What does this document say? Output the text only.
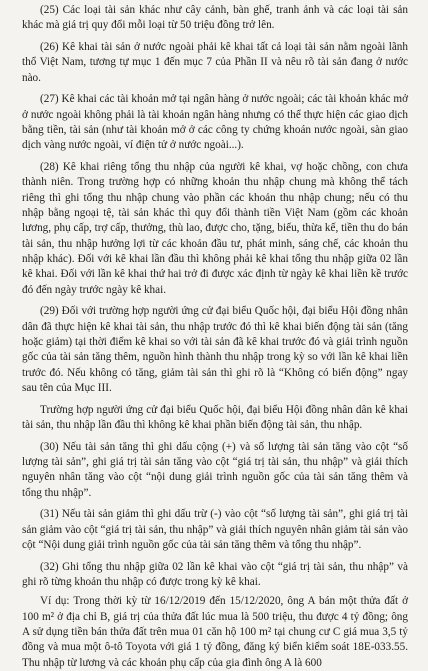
(25) Các loại tài sản khác như cây cảnh, bàn ghế, tranh ảnh và các loại tài sản khác mà giá trị quy đổi mỗi loại từ 50 triệu đồng trở lên.

(26) Kê khai tài sản ở nước ngoài phải kê khai tất cả loại tài sản nằm ngoài lãnh thổ Việt Nam, tương tự mục 1 đến mục 7 của Phần II và nêu rõ tài sản đang ở nước nào.

(27) Kê khai các tài khoản mở tại ngân hàng ở nước ngoài; các tài khoản khác mở ở nước ngoài không phải là tài khoản ngân hàng nhưng có thể thực hiện các giao dịch bằng tiền, tài sản (như tài khoản mở ở các công ty chứng khoán nước ngoài, sàn giao dịch vàng nước ngoài, ví điện tử ở nước ngoài...).

(28) Kê khai riêng tổng thu nhập của người kê khai, vợ hoặc chồng, con chưa thành niên. Trong trường hợp có những khoản thu nhập chung mà không thể tách riêng thì ghi tổng thu nhập chung vào phần các khoản thu nhập chung; nếu có thu nhập bằng ngoại tệ, tài sản khác thì quy đổi thành tiền Việt Nam (gồm các khoản lương, phụ cấp, trợ cấp, thưởng, thù lao, được cho, tặng, biếu, thừa kế, tiền thu do bán tài sản, thu nhập hưởng lợi từ các khoản đầu tư, phát minh, sáng chế, các khoản thu nhập khác). Đối với kê khai lần đầu thì không phải kê khai tổng thu nhập giữa 02 lần kê khai. Đối với lần kê khai thứ hai trở đi được xác định từ ngày kê khai liền kề trước đó đến ngày trước ngày kê khai.

(29) Đối với trường hợp người ứng cử đại biểu Quốc hội, đại biểu Hội đồng nhân dân đã thực hiện kê khai tài sản, thu nhập trước đó thì kê khai biến động tài sản (tăng hoặc giảm) tại thời điểm kê khai so với tài sản đã kê khai trước đó và giải trình nguồn gốc của tài sản tăng thêm, nguồn hình thành thu nhập trong kỳ so với lần kê khai liền trước đó. Nếu không có tăng, giảm tài sản thì ghi rõ là “Không có biến động” ngay sau tên của Mục III.

Trường hợp người ứng cử đại biểu Quốc hội, đại biểu Hội đồng nhân dân kê khai tài sản, thu nhập lần đầu thì không kê khai phần biến động tài sản, thu nhập.

(30) Nếu tài sản tăng thì ghi dấu cộng (+) và số lượng tài sản tăng vào cột “số lượng tài sản”, ghi giá trị tài sản tăng vào cột “giá trị tài sản, thu nhập” và giải thích nguyên nhân tăng vào cột “nội dung giải trình nguồn gốc của tài sản tăng thêm và tổng thu nhập”.

(31) Nếu tài sản giảm thì ghi dấu trừ (-) vào cột “số lượng tài sản”, ghi giá trị tài sản giảm vào cột “giá trị tài sản, thu nhập” và giải thích nguyên nhân giảm tài sản vào cột “Nội dung giải trình nguồn gốc của tài sản tăng thêm và tổng thu nhập”.

(32) Ghi tổng thu nhập giữa 02 lần kê khai vào cột “giá trị tài sản, thu nhập” và ghi rõ từng khoản thu nhập có được trong kỳ kê khai.

Ví dụ: Trong thời kỳ từ 16/12/2019 đến 15/12/2020, ông A bán một thửa đất ở 100 m² ở địa chỉ B, giá trị của thửa đất lúc mua là 500 triệu, thu được 4 tỷ đồng; ông A sử dụng tiền bán thửa đất trên mua 01 căn hộ 100 m² tại chung cư C giá mua 3,5 tỷ đồng và mua một ô-tô Toyota với giá 1 tỷ đồng, đăng ký biển kiểm soát 18E-033.55. Thu nhập từ lương và các khoản phụ cấp của gia đình ông A là 600
